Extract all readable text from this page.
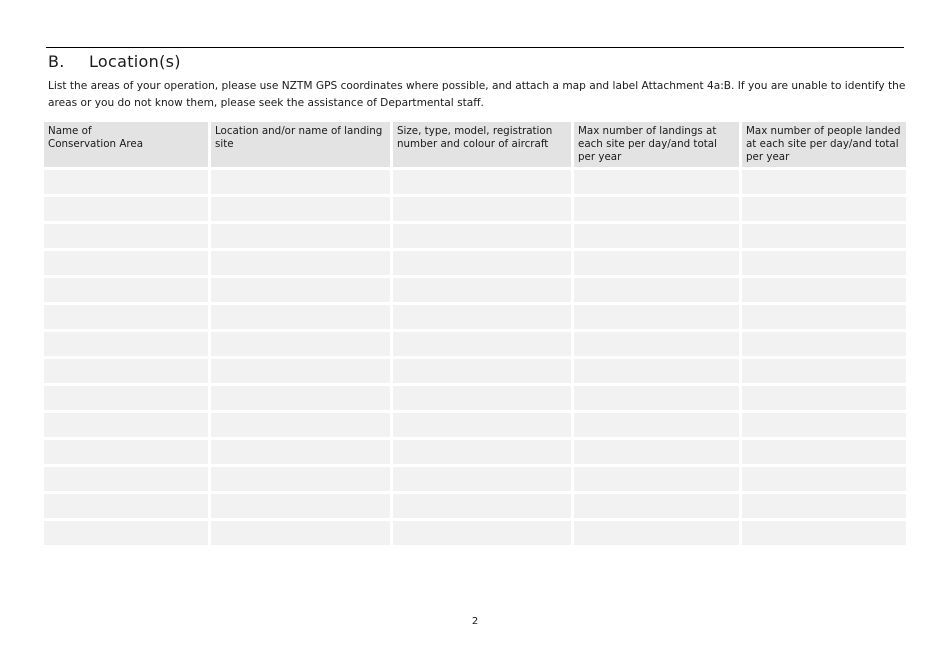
B. Location(s)
List the areas of your operation, please use NZTM GPS coordinates where possible, and attach a map and label Attachment 4a:B. If you are unable to identify the areas or you do not know them, please seek the assistance of Departmental staff.
Name of
Conservation Area
Location and/or name of landing site
Size, type, model, registration number and colour of aircraft
Max number of landings at each site per day/and total per year
Max number of people landed at each site per day/and total per year
2
